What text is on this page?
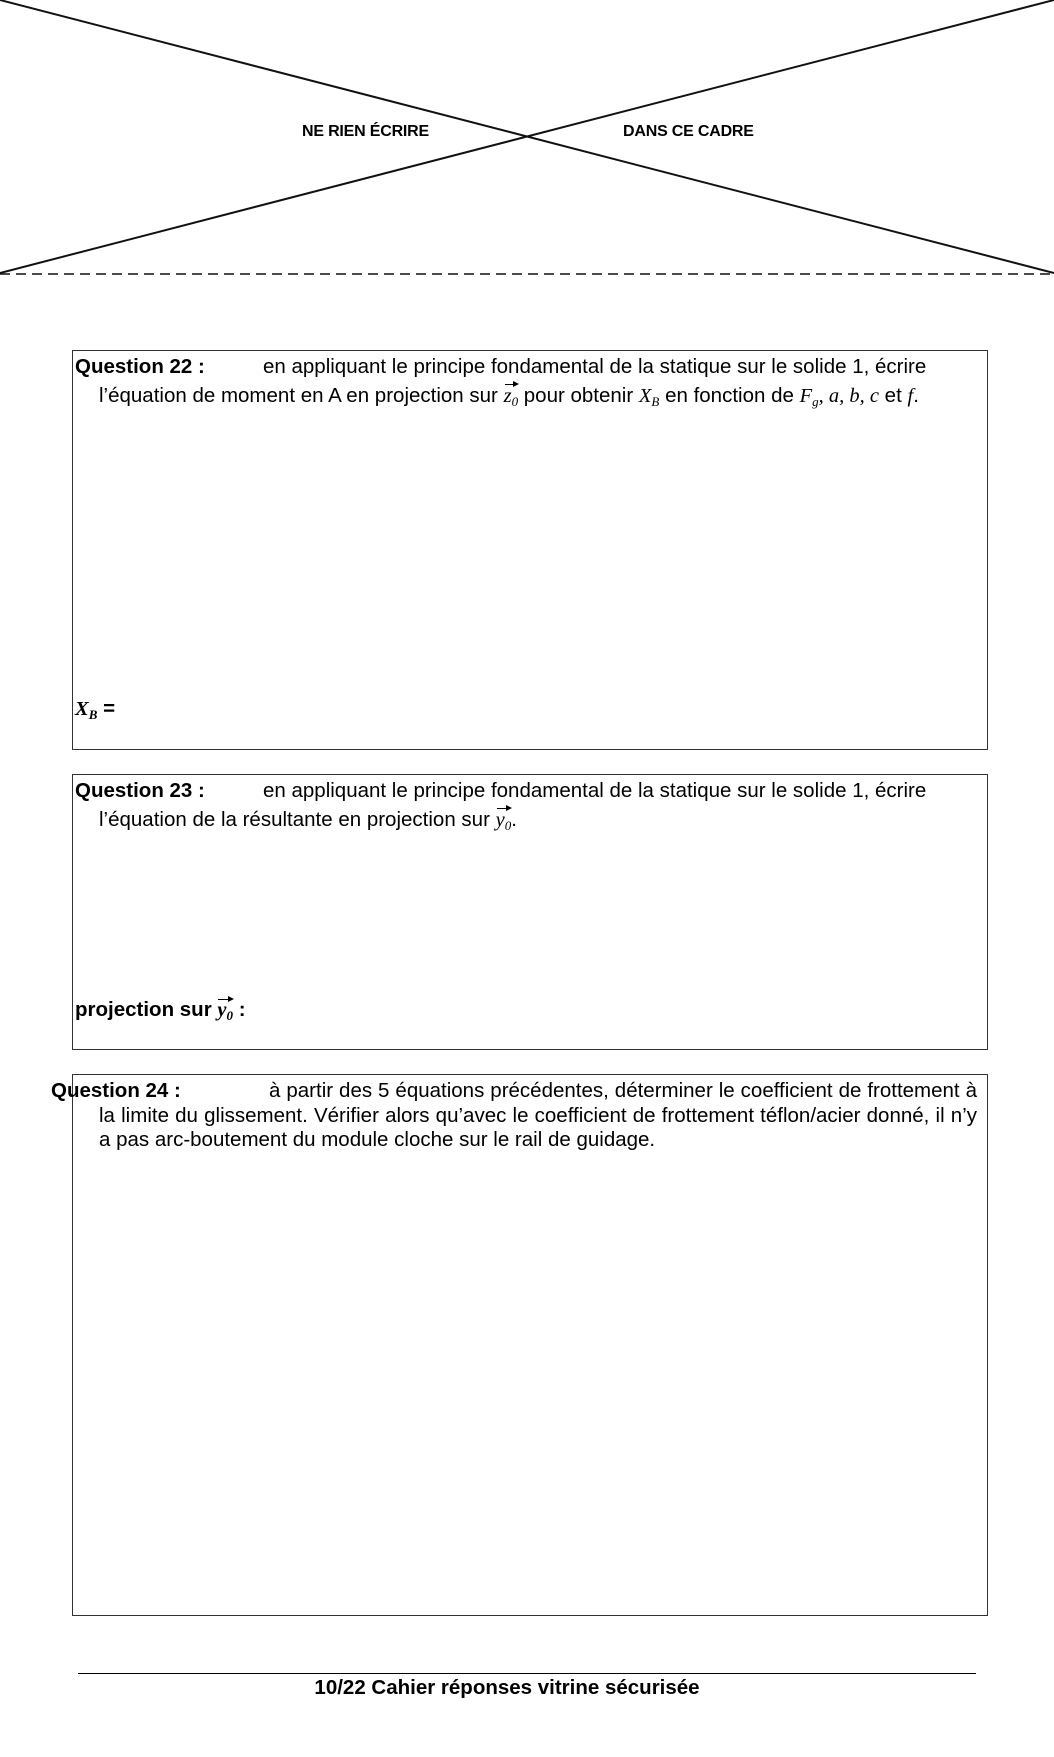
NE RIEN ÉCRIRE	DANS CE CADRE
Question 22 :	en appliquant le principe fondamental de la statique sur le solide 1, écrire
l’équation de moment en A en projection sur $z_0$ pour obtenir $X_B$ en fonction de $F_g$, a, b, c et f.
$X_B$ =
Question 23 :	en appliquant le principe fondamental de la statique sur le solide 1, écrire
l’équation de la résultante en projection sur $y_0$.
projection sur $y_0$ :
Question 24 :	à partir des 5 équations précédentes, déterminer le coefficient de frottement à la limite du glissement. Vérifier alors qu’avec le coefficient de frottement téflon/acier donné, il n’y a pas arc-boutement du module cloche sur le rail de guidage.
10/22 Cahier réponses vitrine sécurisée
